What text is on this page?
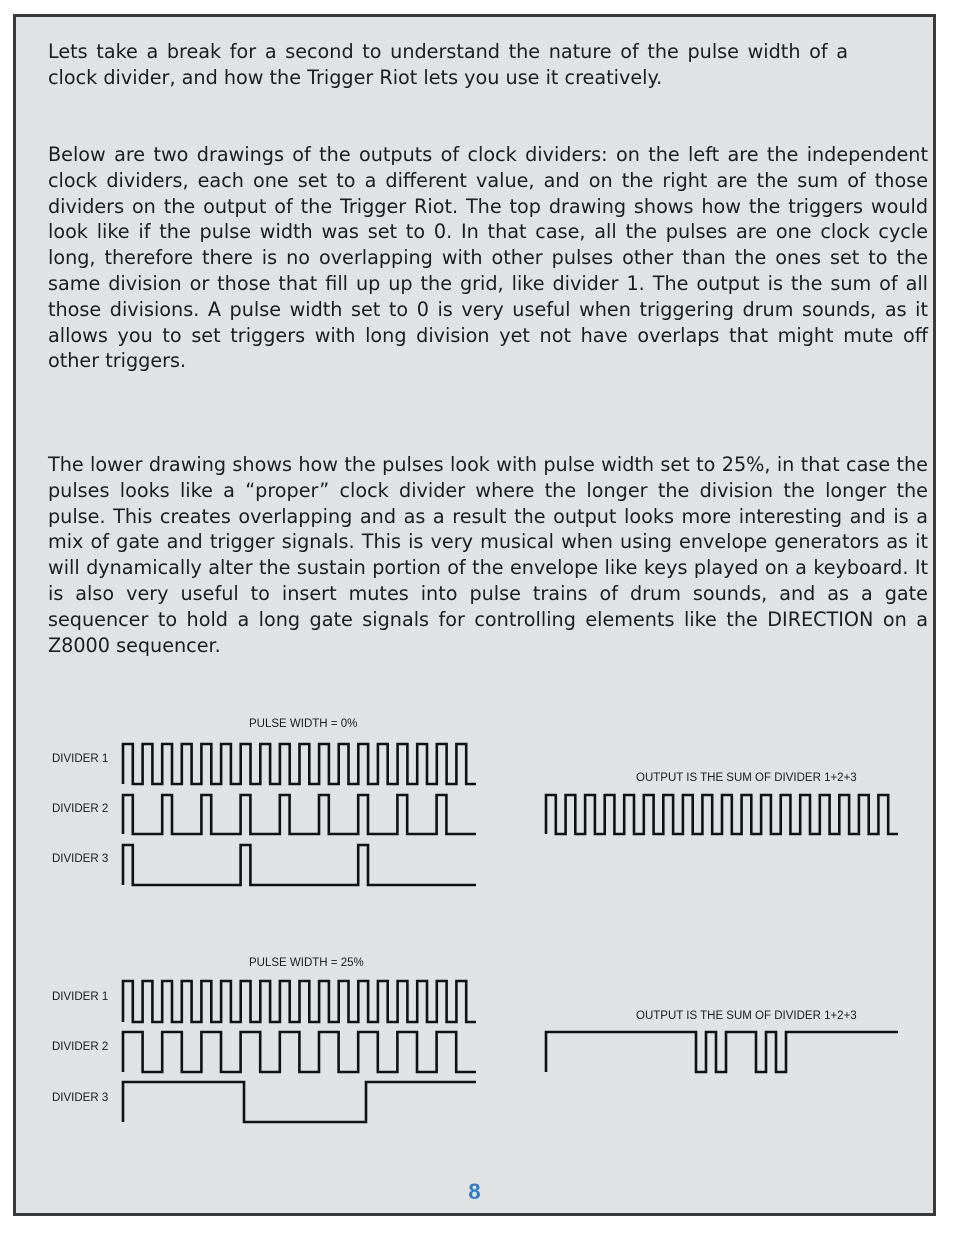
Lets take a break for a second to understand the nature of the pulse width of a clock divider, and how the Trigger Riot lets you use it creatively.

Below are two drawings of the outputs of clock dividers: on the left are the independent clock dividers, each one set to a different value, and on the right are the sum of those dividers on the output of the Trigger Riot. The top drawing shows how the triggers would look like if the pulse width was set to 0. In that case, all the pulses are one clock cycle long, therefore there is no overlapping with other pulses other than the ones set to the same division or those that fill up up the grid, like divider 1. The output is the sum of all those divisions. A pulse width set to 0 is very useful when triggering drum sounds, as it allows you to set triggers with long division yet not have overlaps that might mute off other triggers.

The lower drawing shows how the pulses look with pulse width set to 25%, in that case the pulses looks like a “proper” clock divider where the longer the division the longer the pulse. This creates overlapping and as a result the output looks more interesting and is a mix of gate and trigger signals. This is very musical when using envelope generators as it will dynamically alter the sustain portion of the envelope like keys played on a keyboard. It is also very useful to insert mutes into pulse trains of drum sounds, and as a gate sequencer to hold a long gate signals for controlling elements like the DIRECTION on a Z8000 sequencer.

PULSE WIDTH = 0%

DIVIDER 1

DIVIDER 2

DIVIDER 3

OUTPUT IS THE SUM OF DIVIDER 1+2+3

PULSE WIDTH = 25%

DIVIDER 1

DIVIDER 2

DIVIDER 3

OUTPUT IS THE SUM OF DIVIDER 1+2+3

8
